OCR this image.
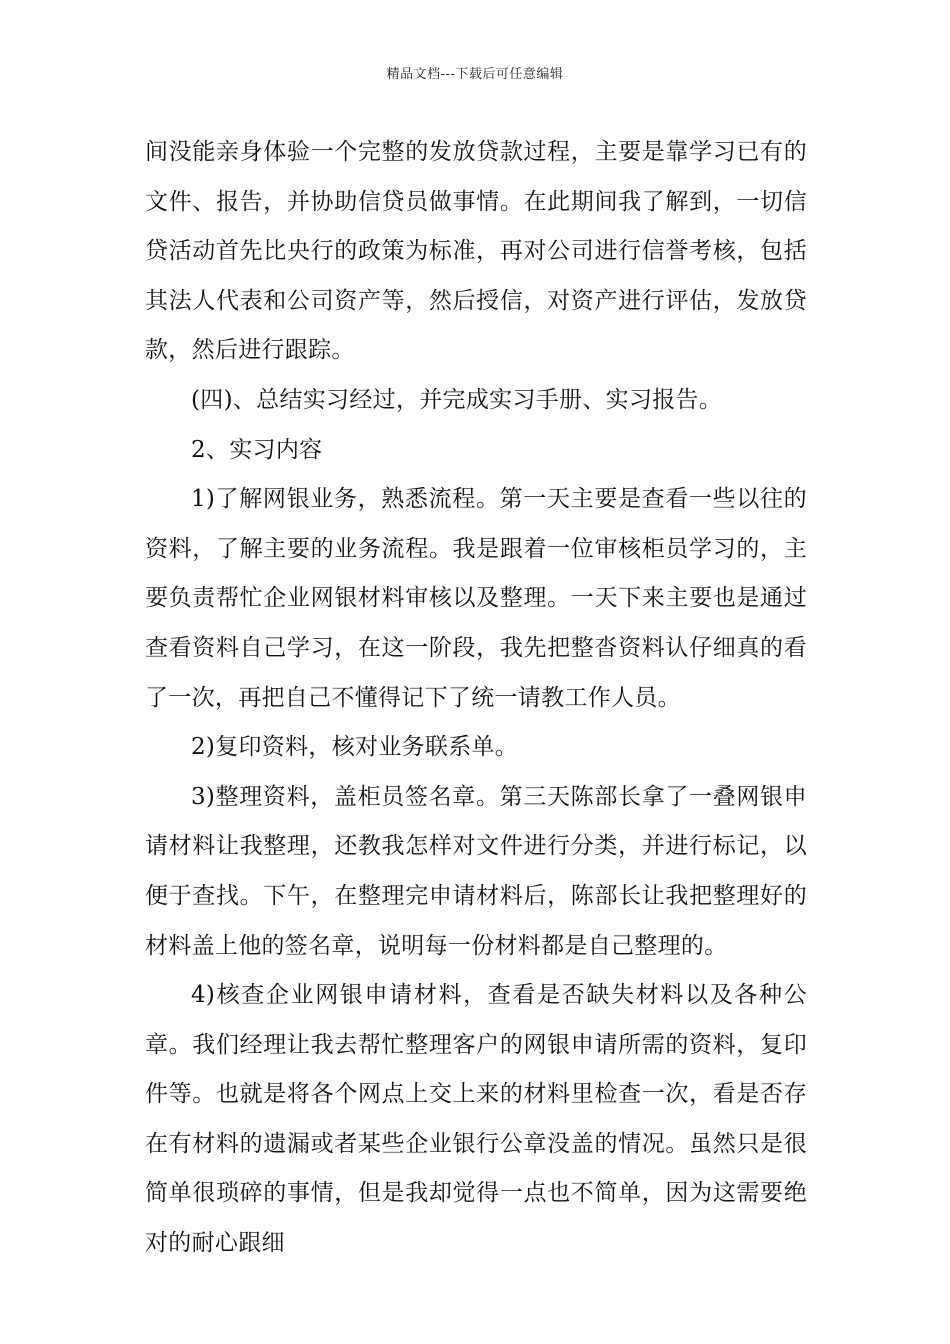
精品文档---下载后可任意编辑

间没能亲身体验一个完整的发放贷款过程，主要是靠学习已有的文件、报告，并协助信贷员做事情。在此期间我了解到，一切信贷活动首先比央行的政策为标准，再对公司进行信誉考核，包括其法人代表和公司资产等，然后授信，对资产进行评估，发放贷款，然后进行跟踪。

(四)、总结实习经过，并完成实习手册、实习报告。

2、实习内容

1)了解网银业务，熟悉流程。第一天主要是查看一些以往的资料，了解主要的业务流程。我是跟着一位审核柜员学习的，主要负责帮忙企业网银材料审核以及整理。一天下来主要也是通过查看资料自己学习，在这一阶段，我先把整沓资料认仔细真的看了一次，再把自己不懂得记下了统一请教工作人员。

2)复印资料，核对业务联系单。

3)整理资料，盖柜员签名章。第三天陈部长拿了一叠网银申请材料让我整理，还教我怎样对文件进行分类，并进行标记，以便于查找。下午，在整理完申请材料后，陈部长让我把整理好的材料盖上他的签名章，说明每一份材料都是自己整理的。

4)核查企业网银申请材料，查看是否缺失材料以及各种公章。我们经理让我去帮忙整理客户的网银申请所需的资料，复印件等。也就是将各个网点上交上来的材料里检查一次，看是否存在有材料的遗漏或者某些企业银行公章没盖的情况。虽然只是很简单很琐碎的事情，但是我却觉得一点也不简单，因为这需要绝对的耐心跟细
